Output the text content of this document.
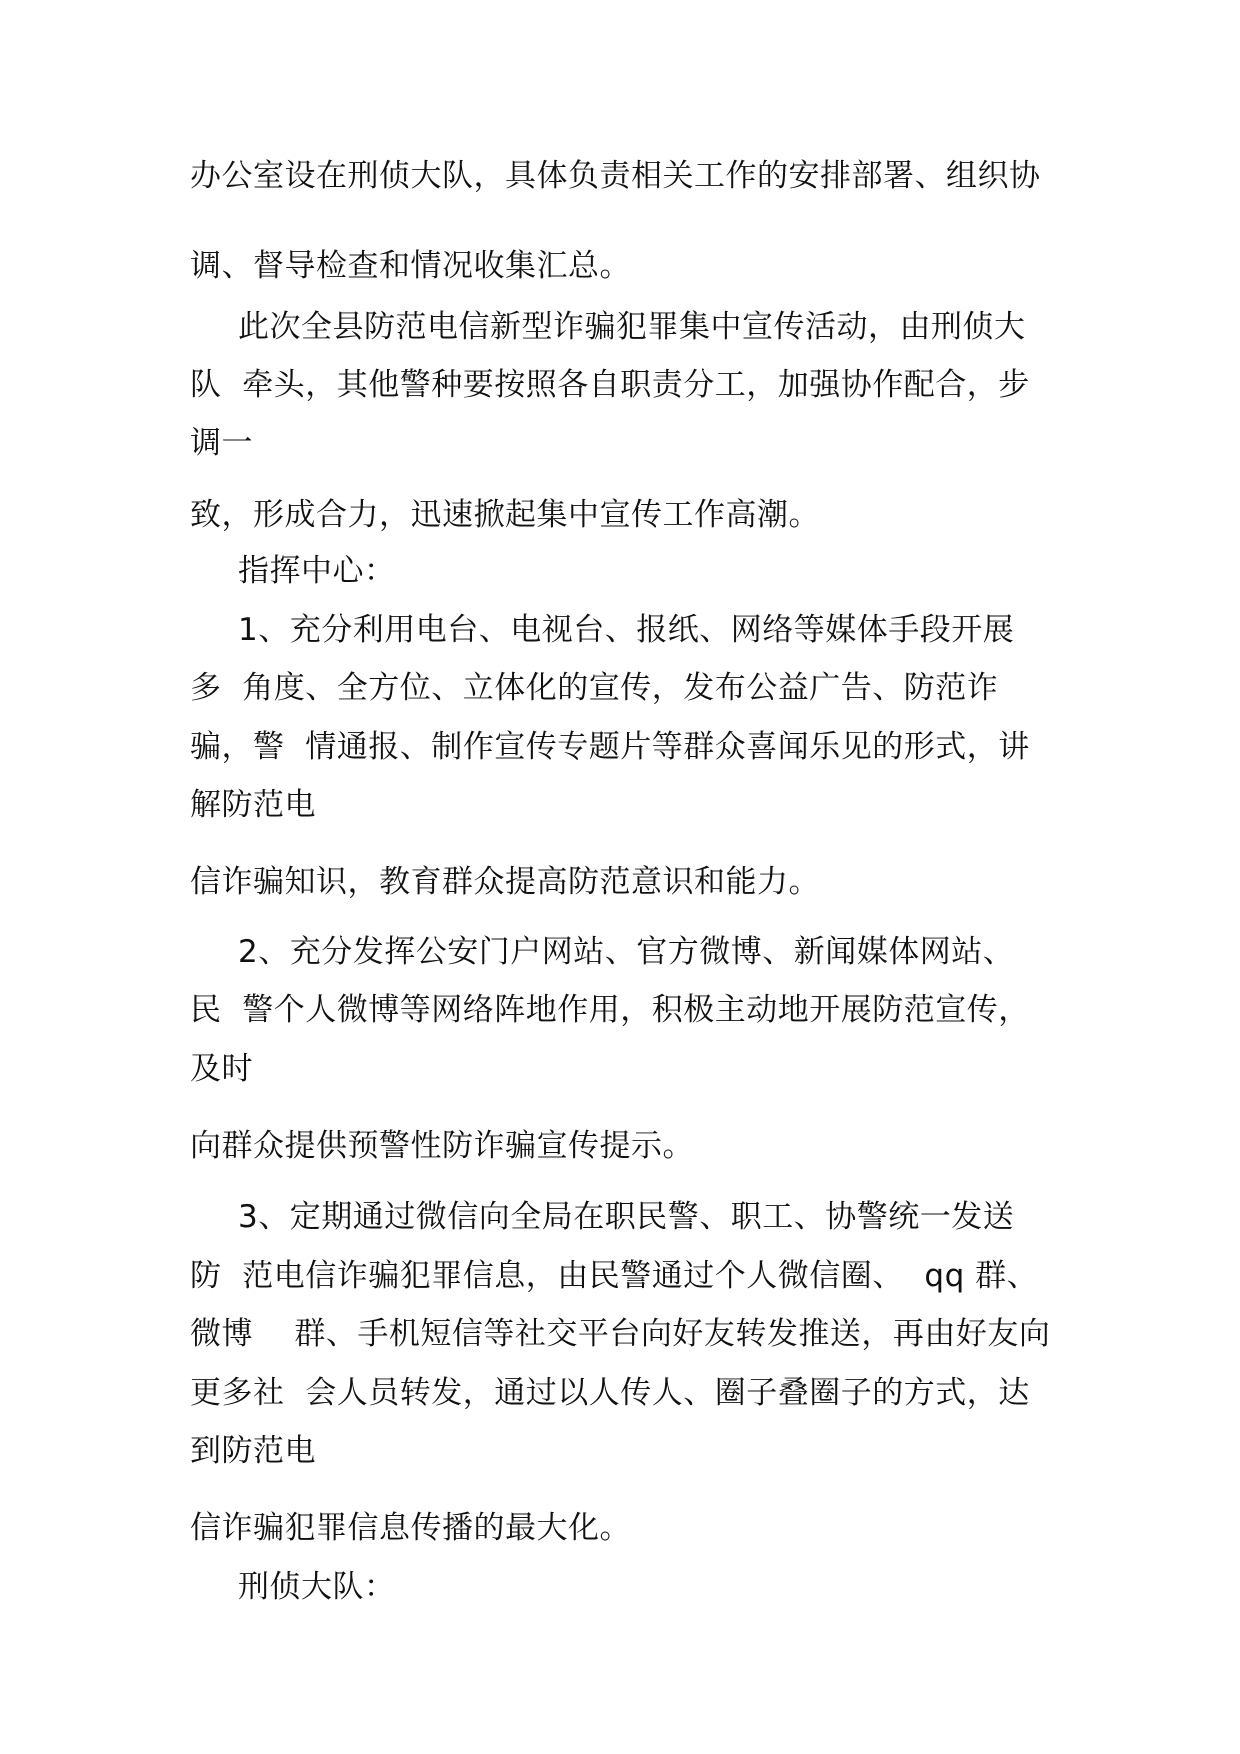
办公室设在刑侦大队，具体负责相关工作的安排部署、组织协
调、督导检查和情况收集汇总。
此次全县防范电信新型诈骗犯罪集中宣传活动，由刑侦大
队  牵头，其他警种要按照各自职责分工，加强协作配合，步
调一
致，形成合力，迅速掀起集中宣传工作高潮。
指挥中心：
1、充分利用电台、电视台、报纸、网络等媒体手段开展
多  角度、全方位、立体化的宣传，发布公益广告、防范诈
骗，警  情通报、制作宣传专题片等群众喜闻乐见的形式，讲
解防范电
信诈骗知识，教育群众提高防范意识和能力。
2、充分发挥公安门户网站、官方微博、新闻媒体网站、
民  警个人微博等网络阵地作用，积极主动地开展防范宣传，
及时
向群众提供预警性防诈骗宣传提示。
3、定期通过微信向全局在职民警、职工、协警统一发送
防  范电信诈骗犯罪信息，由民警通过个人微信圈、  qq 群、
微博    群、手机短信等社交平台向好友转发推送，再由好友向
更多社  会人员转发，通过以人传人、圈子叠圈子的方式，达
到防范电
信诈骗犯罪信息传播的最大化。
刑侦大队：
